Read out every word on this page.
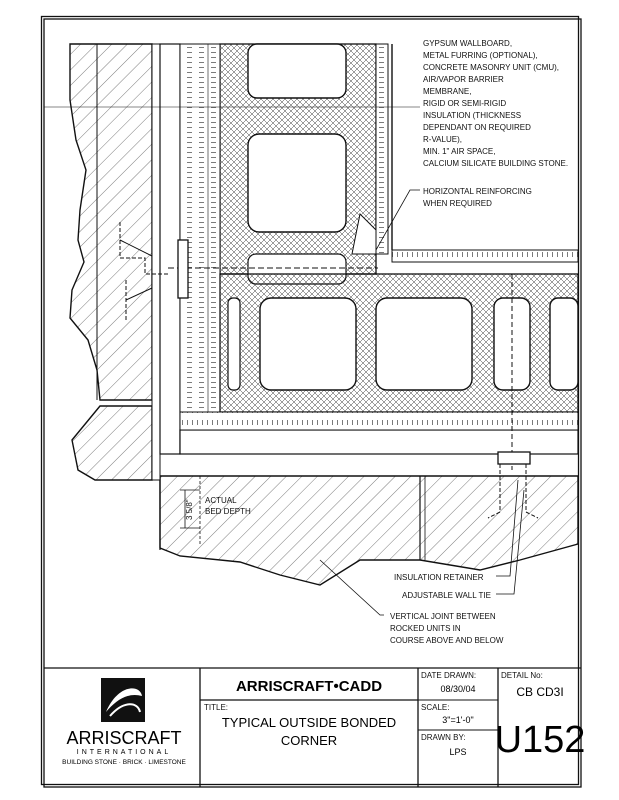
GYPSUM WALLBOARD,
METAL FURRING (OPTIONAL),
CONCRETE MASONRY UNIT (CMU),
AIR/VAPOR BARRIER
MEMBRANE,
RIGID OR SEMI-RIGID
INSULATION (THICKNESS
DEPENDANT ON REQUIRED
R-VALUE),
MIN. 1" AIR SPACE,
CALCIUM SILICATE BUILDING STONE.
HORIZONTAL REINFORCING
WHEN REQUIRED
ACTUAL
BED DEPTH
3 5/8"
INSULATION RETAINER
ADJUSTABLE WALL TIE
VERTICAL JOINT BETWEEN
ROCKED UNITS IN
COURSE ABOVE AND BELOW
ARRISCRAFT
INTERNATIONAL
BUILDING STONE · BRICK · LIMESTONE
ARRISCRAFT•CADD
TITLE:
TYPICAL OUTSIDE BONDED
CORNER
DATE DRAWN:
08/30/04
SCALE:
3"=1'-0"
DRAWN BY:
LPS
DETAIL No:
CB CD3I
U152
